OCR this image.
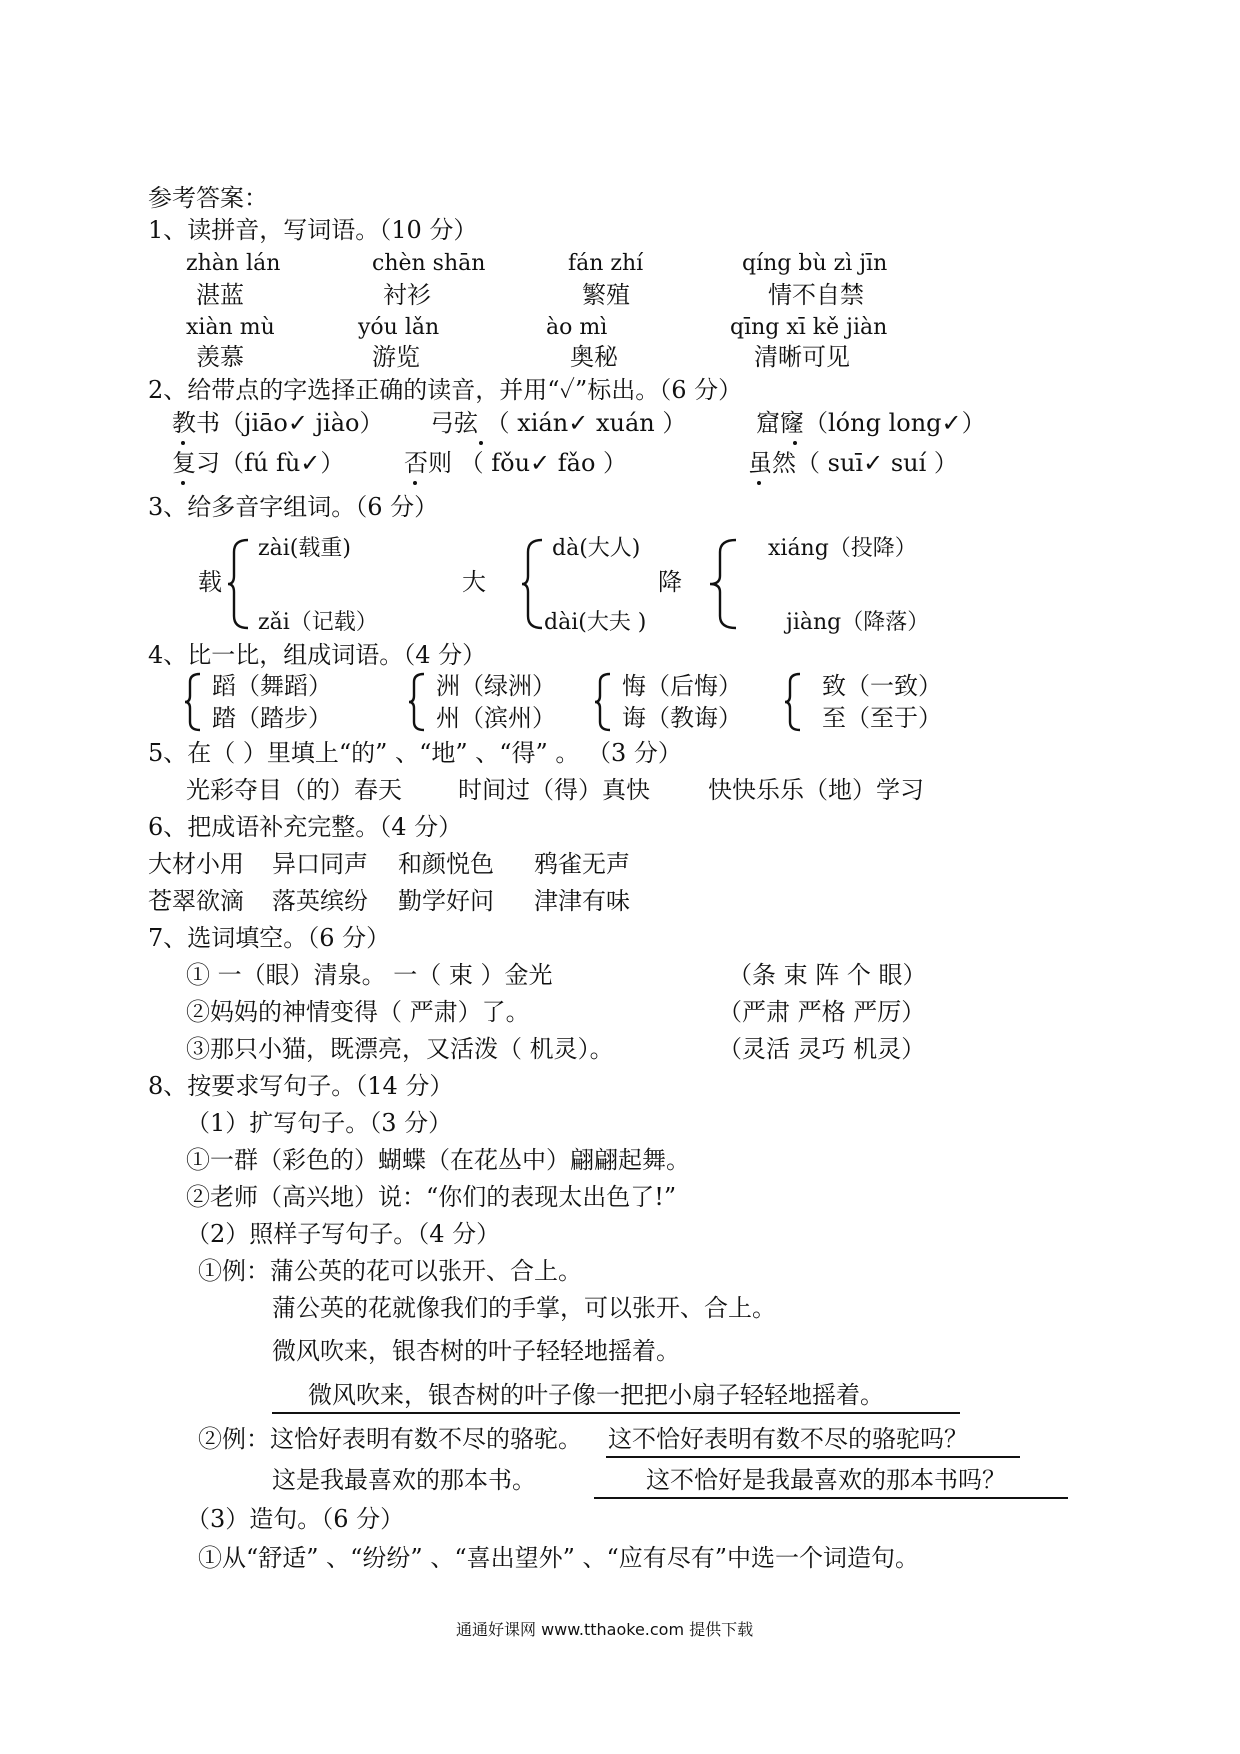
参考答案：
1、读拼音，写词语。（10 分）
zhàn lán	chèn shān	fán zhí	qíng bù zì jīn
湛蓝	衬衫	繁殖	情不自禁
xiàn mù	yóu lǎn	ào mì	qīng xī kě jiàn
羡慕	游览	奥秘	清晰可见
2、给带点的字选择正确的读音，并用“✓”标出。（6 分）
教书（jiāo✓ jiào） 弓弦 （ xián✓ xuán ）	窟窿（lóng long✓）
复习（fú fù✓） 否则 （ fǒu✓ fǎo ）	虽然（ suī✓ suí ）
3、给多音字组词。（6 分）
载
zài(载重)
zǎi（记载）
大
dà(大人)
dài(大夫 )
降
xiáng（投降）
jiàng（降落）
4、比一比，组成词语。（4 分）
蹈（舞蹈）
踏（踏步）
洲（绿洲）
州（滨州）
悔（后悔）
诲（教诲）
致（一致）
至（至于）
5、在（ ）里填上“的” 、“地” 、“得” 。 （3 分）
光彩夺目（的）春天 时间过（得）真快 快快乐乐（地）学习
6、把成语补充完整。（4 分）
大材小用 异口同声 和颜悦色 鸦雀无声
苍翠欲滴 落英缤纷 勤学好问 津津有味
7、选词填空。（6 分）
① 一（眼）清泉。 一（ 束 ）金光	（条 束 阵 个 眼）
②妈妈的神情变得（ 严肃）了。	（严肃 严格 严厉）
③那只小猫，既漂亮，又活泼（ 机灵）。	（灵活 灵巧 机灵）
8、按要求写句子。（14 分）
（1）扩写句子。（3 分）
①一群（彩色的）蝴蝶（在花丛中）翩翩起舞。
②老师（高兴地）说：“你们的表现太出色了!”
（2）照样子写句子。（4 分）
①例：蒲公英的花可以张开、合上。
蒲公英的花就像我们的手掌，可以张开、合上。
微风吹来，银杏树的叶子轻轻地摇着。
微风吹来，银杏树的叶子像一把把小扇子轻轻地摇着。
②例：这恰好表明有数不尽的骆驼。 这不恰好表明有数不尽的骆驼吗？
这是我最喜欢的那本书。	这不恰好是我最喜欢的那本书吗？
（3）造句。（6 分）
①从“舒适” 、“纷纷” 、“喜出望外” 、“应有尽有”中选一个词造句。
通通好课网 www.tthaoke.com 提供下载
